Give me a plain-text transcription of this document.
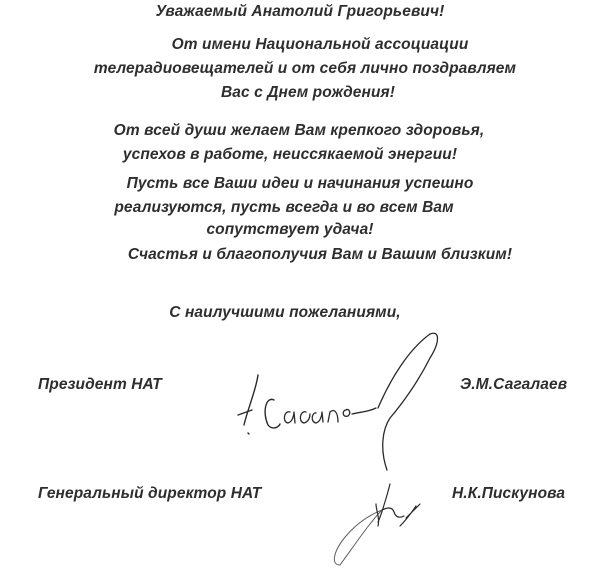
Уважаемый Анатолий Григорьевич!
От имени Национальной ассоциации
телерадиовещателей и от себя лично поздравляем
Вас с Днем рождения!
От всей души желаем Вам крепкого здоровья,
успехов в работе, неиссякаемой энергии!
Пусть все Ваши идеи и начинания успешно
реализуются, пусть всегда и во всем Вам
сопутствует удача!
Счастья и благополучия Вам и Вашим близким!
С наилучшими пожеланиями,
Президент НАТ	Э.М.Сагалаев
Генеральный директор НАТ	Н.К.Пискунова
